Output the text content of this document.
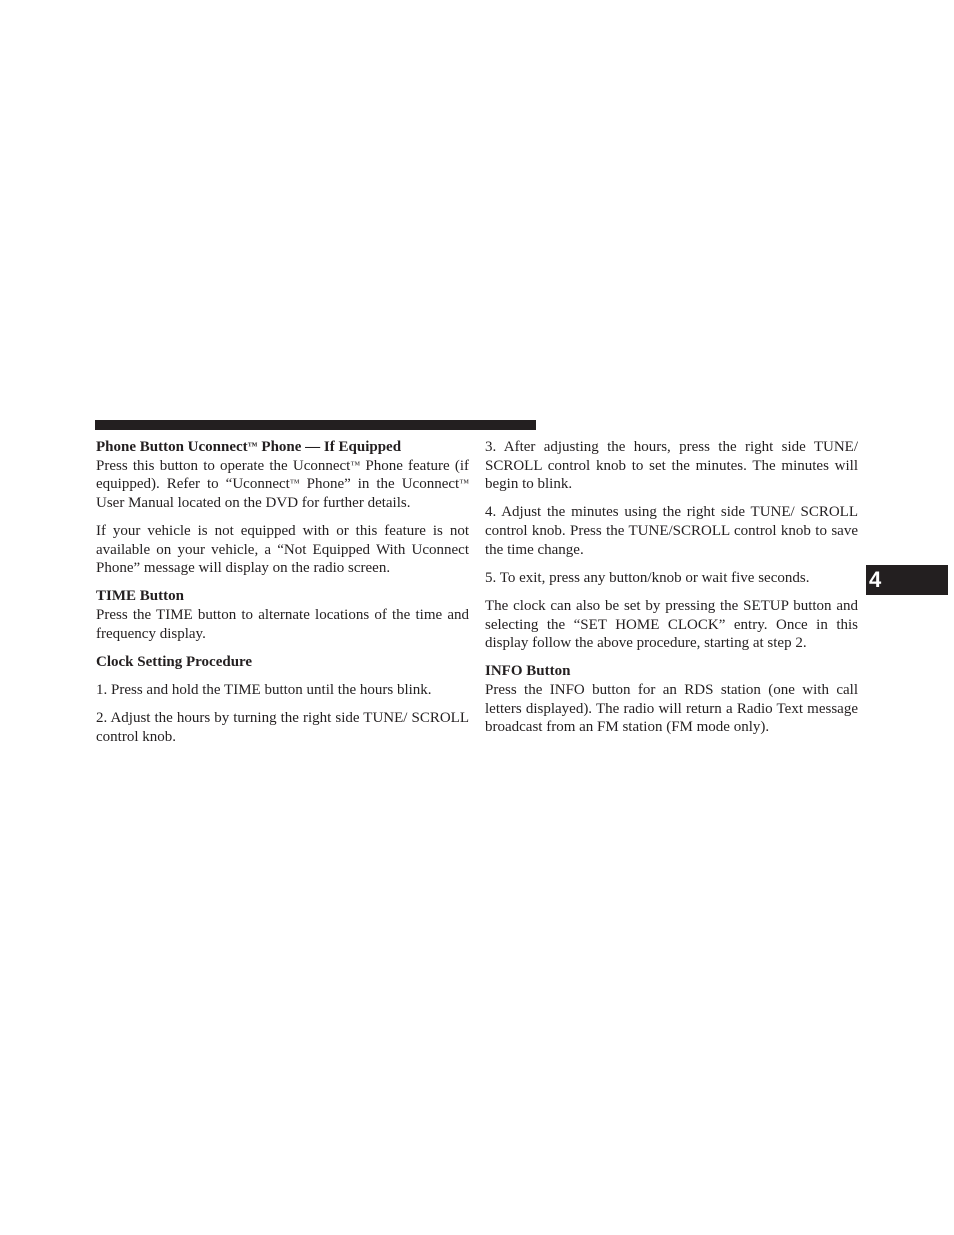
Phone Button Uconnect™ Phone — If Equipped

Press this button to operate the Uconnect™ Phone feature (if equipped). Refer to “Uconnect™ Phone” in the Uconnect™ User Manual located on the DVD for further details.

If your vehicle is not equipped with or this feature is not available on your vehicle, a “Not Equipped With Uconnect Phone” message will display on the radio screen.

TIME Button

Press the TIME button to alternate locations of the time and frequency display.

Clock Setting Procedure

1. Press and hold the TIME button until the hours blink.

2. Adjust the hours by turning the right side TUNE/ SCROLL control knob.

3. After adjusting the hours, press the right side TUNE/ SCROLL control knob to set the minutes. The minutes will begin to blink.

4. Adjust the minutes using the right side TUNE/ SCROLL control knob. Press the TUNE/SCROLL control knob to save the time change.

5. To exit, press any button/knob or wait five seconds.

The clock can also be set by pressing the SETUP button and selecting the “SET HOME CLOCK” entry. Once in this display follow the above procedure, starting at step 2.

INFO Button

Press the INFO button for an RDS station (one with call letters displayed). The radio will return a Radio Text message broadcast from an FM station (FM mode only).

4
